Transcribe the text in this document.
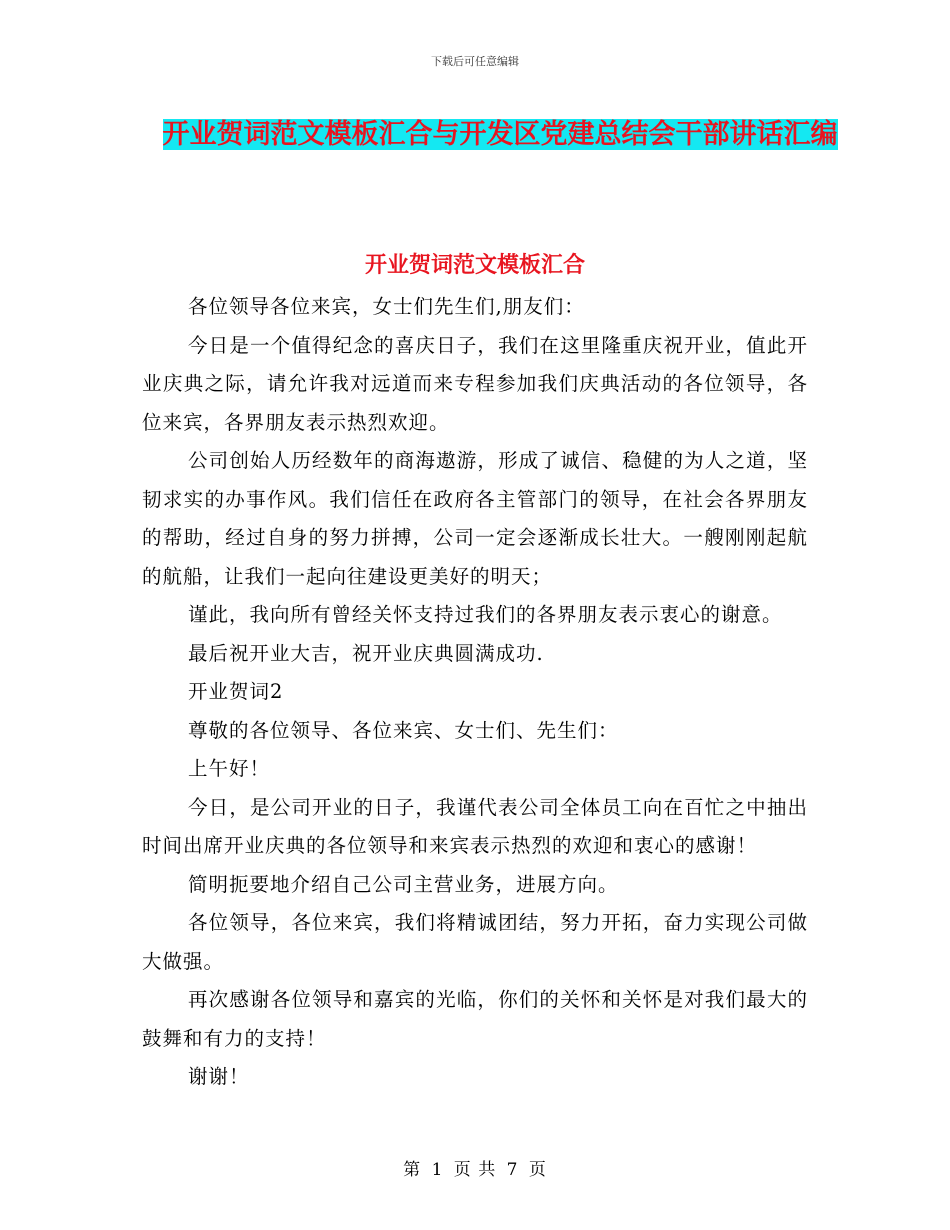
下载后可任意编辑
开业贺词范文模板汇合与开发区党建总结会干部讲话汇编
开业贺词范文模板汇合

各位领导各位来宾，女士们先生们,朋友们：

今日是一个值得纪念的喜庆日子，我们在这里隆重庆祝开业，值此开业庆典之际，请允许我对远道而来专程参加我们庆典活动的各位领导，各位来宾，各界朋友表示热烈欢迎。

公司创始人历经数年的商海遨游，形成了诚信、稳健的为人之道，坚韧求实的办事作风。我们信任在政府各主管部门的领导，在社会各界朋友的帮助，经过自身的努力拼搏，公司一定会逐渐成长壮大。一艘刚刚起航的航船，让我们一起向往建设更美好的明天；

谨此，我向所有曾经关怀支持过我们的各界朋友表示衷心的谢意。

最后祝开业大吉，祝开业庆典圆满成功.

开业贺词2

尊敬的各位领导、各位来宾、女士们、先生们：

上午好！

今日，是公司开业的日子，我谨代表公司全体员工向在百忙之中抽出时间出席开业庆典的各位领导和来宾表示热烈的欢迎和衷心的感谢！

简明扼要地介绍自己公司主营业务，进展方向。

各位领导，各位来宾，我们将精诚团结，努力开拓，奋力实现公司做大做强。

再次感谢各位领导和嘉宾的光临，你们的关怀和关怀是对我们最大的鼓舞和有力的支持！

谢谢！

第 1 页 共 7 页
